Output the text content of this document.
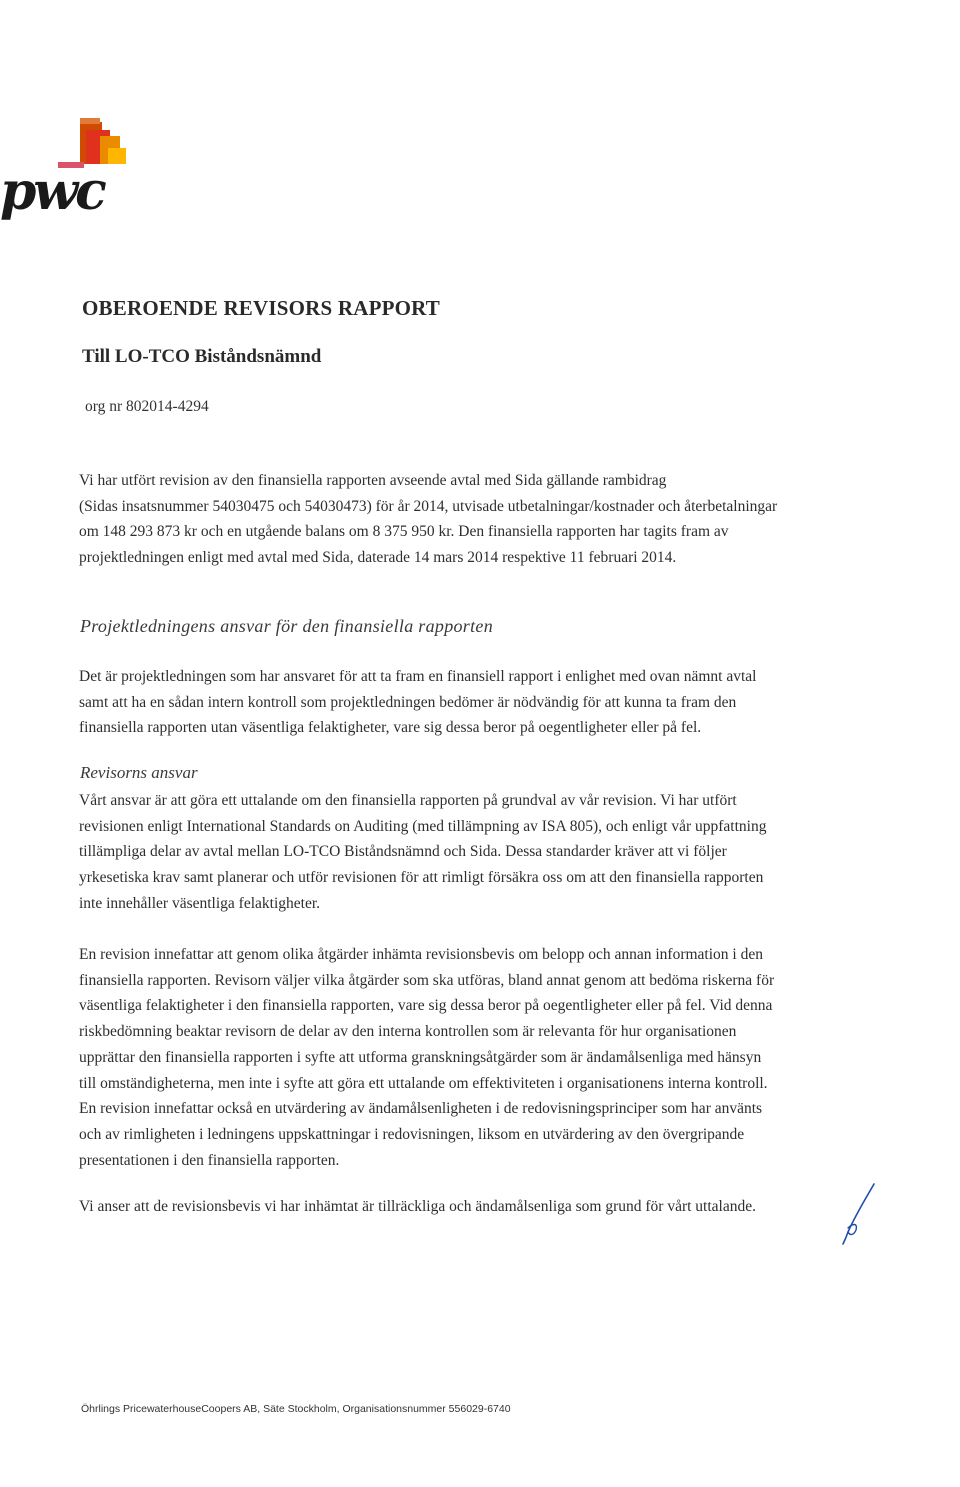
pwc
OBEROENDE REVISORS RAPPORT
Till LO-TCO Biståndsnämnd

org nr 802014-4294

Vi har utfört revision av den finansiella rapporten avseende avtal med Sida gällande rambidrag
(Sidas insatsnummer 54030475 och 54030473) för år 2014, utvisade utbetalningar/kostnader och återbetalningar
om 148 293 873 kr och en utgående balans om 8 375 950 kr. Den finansiella rapporten har tagits fram av
projektledningen enligt med avtal med Sida, daterade 14 mars 2014 respektive 11 februari 2014.

Projektledningens ansvar för den finansiella rapporten

Det är projektledningen som har ansvaret för att ta fram en finansiell rapport i enlighet med ovan nämnt avtal
samt att ha en sådan intern kontroll som projektledningen bedömer är nödvändig för att kunna ta fram den
finansiella rapporten utan väsentliga felaktigheter, vare sig dessa beror på oegentligheter eller på fel.

Revisorns ansvar

Vårt ansvar är att göra ett uttalande om den finansiella rapporten på grundval av vår revision. Vi har utfört
revisionen enligt International Standards on Auditing (med tillämpning av ISA 805), och enligt vår uppfattning
tillämpliga delar av avtal mellan LO-TCO Biståndsnämnd och Sida. Dessa standarder kräver att vi följer
yrkesetiska krav samt planerar och utför revisionen för att rimligt försäkra oss om att den finansiella rapporten
inte innehåller väsentliga felaktigheter.

En revision innefattar att genom olika åtgärder inhämta revisionsbevis om belopp och annan information i den
finansiella rapporten. Revisorn väljer vilka åtgärder som ska utföras, bland annat genom att bedöma riskerna för
väsentliga felaktigheter i den finansiella rapporten, vare sig dessa beror på oegentligheter eller på fel. Vid denna
riskbedömning beaktar revisorn de delar av den interna kontrollen som är relevanta för hur organisationen
upprättar den finansiella rapporten i syfte att utforma granskningsåtgärder som är ändamålsenliga med hänsyn
till omständigheterna, men inte i syfte att göra ett uttalande om effektiviteten i organisationens interna kontroll.
En revision innefattar också en utvärdering av ändamålsenligheten i de redovisningsprinciper som har använts
och av rimligheten i ledningens uppskattningar i redovisningen, liksom en utvärdering av den övergripande
presentationen i den finansiella rapporten.

Vi anser att de revisionsbevis vi har inhämtat är tillräckliga och ändamålsenliga som grund för vårt uttalande.

Öhrlings PricewaterhouseCoopers AB, Säte Stockholm, Organisationsnummer 556029-6740
